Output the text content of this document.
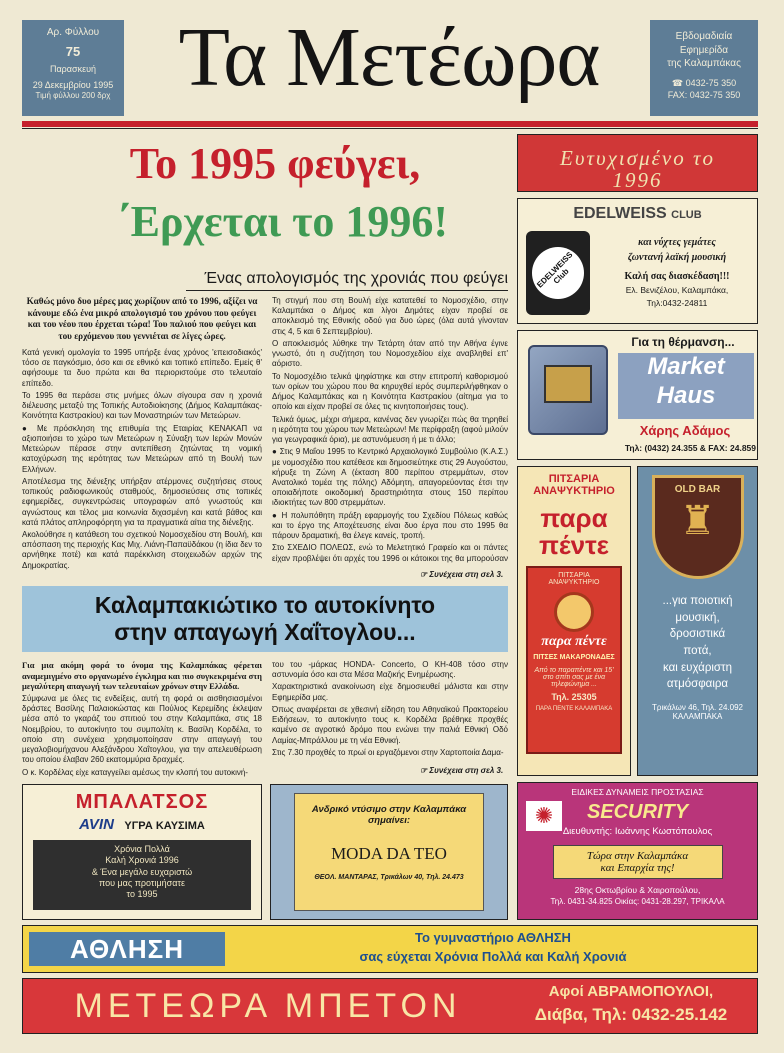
Αρ. Φύλλου
75
Παρασκευή
29 Δεκεμβρίου 1995
Τιμή φύλλου 200 δρχ Τα Μετέωρα	Εβδομαδιαία
Εφημερίδα
της Καλαμπάκας
☎ 0432-75 350
FAX: 0432-75 350
Το 1995 φεύγει,
΄Ερχεται το 1996!
Ένας απολογισμός της χρονιάς που φεύγει

Καθώς μόνο δυο μέρες μας χωρίζουν από το 1996, αξίζει να κάνουμε εδώ ένα μικρό απολογισμό του χρόνου που φεύγει και του νέου που έρχεται τώρα! Του παλιού που φεύγει και του ερχόμενου που γεννιέται σε λίγες ώρες.

Κατά γενική ομολογία το 1995 υπήρξε ένας χρόνος 'επεισοδιακός' τόσο σε παγκόσμιο, όσο και σε εθνικό και τοπικό επίπεδο. Εμείς θ' αφήσουμε τα δυο πρώτα και θα περιοριστούμε στο τελευταίο επίπεδο.

Το 1995 θα περάσει στις μνήμες όλων σίγουρα σαν η χρονιά διέλευσης μεταξύ της Τοπικής Αυτοδιοίκησης (Δήμος Καλαμπάκας-Κοινότητα Καστρακίου) και των Μοναστηριών των Μετεώρων.

● Με πρόσκληση της επιθυμία της Εταιρίας ΚΕΝΑΚΑΠ να αξιοποιήσει το χώρο των Μετεώρων η Σύναξη των Ιερών Μονών Μετεώρων πέρασε στην αντεπίθεση ζητώντας τη νομική κατοχύρωση της ιερότητας των Μετεώρων από τη Βουλή των Ελλήνων.

Αποτέλεσμα της διένεξης υπήρξαν ατέρμονες συζητήσεις στους τοπικούς ραδιοφωνικούς σταθμούς, δημοσιεύσεις στις τοπικές εφημερίδες, συγκεντρώσεις υπογραφών από γνωστούς και αγνώστους και τέλος μια κοινωνία διχασμένη και κατά βάθος και κατά πλάτος απληροφόρητη για τα πραγματικά αίτια της διένεξης.

Ακολούθησε η κατάθεση του σχετικού Νομοσχεδίου στη Βουλή, και απόσπαση της περιοχής Κας Μιχ. Λιάνη-Παπαϋδάκου (η ίδια δεν το αρνήθηκε ποτέ) και κατά παρέκκλιση στοιχειωδών αρχών της Δημοκρατίας.

Τη στιγμή που στη Βουλή είχε κατατεθεί το Νομοσχέδιο, στην Καλαμπάκα ο Δήμος και λίγοι Δημότες είχαν προβεί σε αποκλεισμό της Εθνικής οδού για δυο ώρες (όλα αυτά γίνονταν στις 4, 5 και 6 Σεπτεμβρίου).

Ο αποκλεισμός λύθηκε την Τετάρτη όταν από την Αθήνα έγινε γνωστό, ότι η συζήτηση του Νομοσχεδίου είχε αναβληθεί επ' αόριστο.

Το Νομοσχέδιο τελικά ψηφίστηκε και στην επιτροπή καθορισμού των ορίων του χώρου που θα κηρυχθεί ιερός συμπεριλήφθηκαν ο Δήμος Καλαμπάκας και η Κοινότητα Καστρακίου (αίτημα για το οποίο και είχαν προβεί σε όλες τις κινητοποιήσεις τους).

Τελικά όμως, μέχρι σήμερα, κανένας δεν γνωρίζει πώς θα τηρηθεί η ιερότητα του χώρου των Μετεώρων! Με περίφραξη (αφού μιλούν για γεωγραφικά όρια), με αστυνόμευση ή με τι άλλο;

● Στις 9 Μαΐου 1995 το Κεντρικό Αρχαιολογικό Συμβούλιο (Κ.Α.Σ.) με νομοσχέδιο που κατέθεσε και δημοσιεύτηκε στις 29 Αυγούστου, κήρυξε τη Ζώνη Α (έκταση 800 περίπου στρεμμάτων, στον Ανατολικό τομέα της πόλης) Αδόμητη, απαγορεύοντας έτσι την οποιαδήποτε οικοδομική δραστηριότητα στους 150 περίπου ιδιοκτήτες των 800 στρεμμάτων.

● Η πολυπόθητη πράξη εφαρμογής του Σχεδίου Πόλεως καθώς και το έργο της Αποχέτευσης είναι δυο έργα που στο 1995 θα πάρουν δραματική, θα έλεγε κανείς, τροπή.

Στο ΣΧΕΔΙΟ ΠΟΛΕΩΣ, ενώ το Μελετητικό Γραφείο και οι πάντες είχαν προβλέψει ότι αρχές του 1996 οι κάτοικοι της θα μπορούσαν

☞ Συνέχεια στη σελ 3.
Καλαμπακιώτικο το αυτοκίνητο
στην απαγωγή Χαΐτογλου...

Για μια ακόμη φορά το όνομα της Καλαμπάκας φέρεται αναμεμιγμένο στο οργανωμένο έγκλημα και πιο συγκεκριμένα στη μεγαλύτερη απαγωγή των τελευταίων χρόνων στην Ελλάδα.

Σύμφωνα με όλες τις ενδείξεις, αυτή τη φορά οι αισθησιασμένοι δράστες Βασίλης Παλαιοκώστας και Πούλιος Κερεμίδης έκλεψαν μέσα από το γκαράζ του σπιτιού του στην Καλαμπάκα, στις 18 Νοεμβρίου, το αυτοκίνητο του συμπολίτη κ. Βασίλη Κορδέλα, το οποίο στη συνέχεια χρησιμοποίησαν στην απαγωγή του μεγαλοβιομήχανου Αλεξάνδρου Χαΐτογλου, για την απελευθέρωση του οποίου έλαβαν 260 εκατομμύρια δραχμές.

Ο κ. Κορδέλας είχε καταγγείλει αμέσως την κλοπή του αυτοκινή-

του του -μάρκας HONDA- Concerto, O KH-408 τόσο στην αστυνομία όσο και στα Μέσα Μαζικής Ενημέρωσης.

Χαρακτηριστικά ανακοίνωση είχε δημοσιευθεί μάλιστα και στην Εφημερίδα μας.

Όπως αναφέρεται σε χθεσινή είδηση του Αθηναϊκού Πρακτορείου Ειδήσεων, το αυτοκίνητο τους κ. Κορδέλα βρέθηκε προχθές καμένο σε αγροτικό δρόμο που ενώνει την παλιά Εθνική Οδό Λαμίας-Μπράλλου με τη νέα Εθνική.

Στις 7.30 προχθές το πρωί οι εργαζόμενοι στην Χαρτοποιία Δαμα-

☞ Συνέχεια στη σελ 3.
Ευτυχισμένο το 1996
EDELWEISS CLUB
EDELWEISS Club
και νύχτες γεμάτες
ζωντανή λαϊκή μουσική
Καλή σας διασκέδαση!!!
Ελ. Βενιζέλου, Καλαμπάκα,
Τηλ:0432-24811
Για τη θέρμανση...
Market
Haus
Χάρης Αδάμος
Τηλ: (0432) 24.355 & FAX: 24.859
ΠΙΤΣΑΡΙΑ
ΑΝΑΨΥΚΤΗΡΙΟ
παρα
πέντε
ΠΙΤΣΑΡΙΑ
ΑΝΑΨΥΚΤΗΡΙΟ
παρα πέντε
ΠΙΤΣΕΣ ΜΑΚΑΡΟΝΑΔΕΣ
Από το παραπέντε και 15' στο σπίτι σας με ένα τηλεφώνημα ...
Τηλ. 25305
ΠΑΡΑ ΠΕΝΤΕ ΚΑΛΑΜΠΑΚΑ
OLD BAR
♜
...για ποιοτική
μουσική,
δροσιστικά
ποτά,
και ευχάριστη
ατμόσφαιρα
Τρικάλων 46, Τηλ. 24.092
ΚΑΛΑΜΠΑΚΑ
ΜΠΑΛΑΤΣΟΣ
AVIN ΥΓΡΑ ΚΑΥΣΙΜΑ
Χρόνια Πολλά
Καλή Χρονιά 1996
& Ένα μεγάλο ευχαριστώ
που μας προτιμήσατε
το 1995
Ανδρικό ντύσιμο στην Καλαμπάκα
σημαίνει:
MODA DA TEO
ΘΕΟΛ. ΜΑΝΤΑΡΑΣ, Τρικάλων 40, Τηλ. 24.473
ΕΙΔΙΚΕΣ ΔΥΝΑΜΕΙΣ ΠΡΟΣΤΑΣΙΑΣ
✺	SECURITY
Διευθυντής: Ιωάννης Κωστόπουλος
Τώρα στην Καλαμπάκα
και Επαρχία της!
28ης Οκτωβρίου & Χαιροπούλου,
Τηλ. 0431-34.825 Οικίας: 0431-28.297, ΤΡΙΚΑΛΑ
ΑΘΛΗΣΗ	Το γυμναστήριο ΑΘΛΗΣΗ
σας εύχεται Χρόνια Πολλά και Καλή Χρονιά
ΜΕΤΕΩΡΑ ΜΠΕΤΟΝ	Αφοί ΑΒΡΑΜΟΠΟΥΛΟΙ,
Διάβα, Τηλ: 0432-25.142
